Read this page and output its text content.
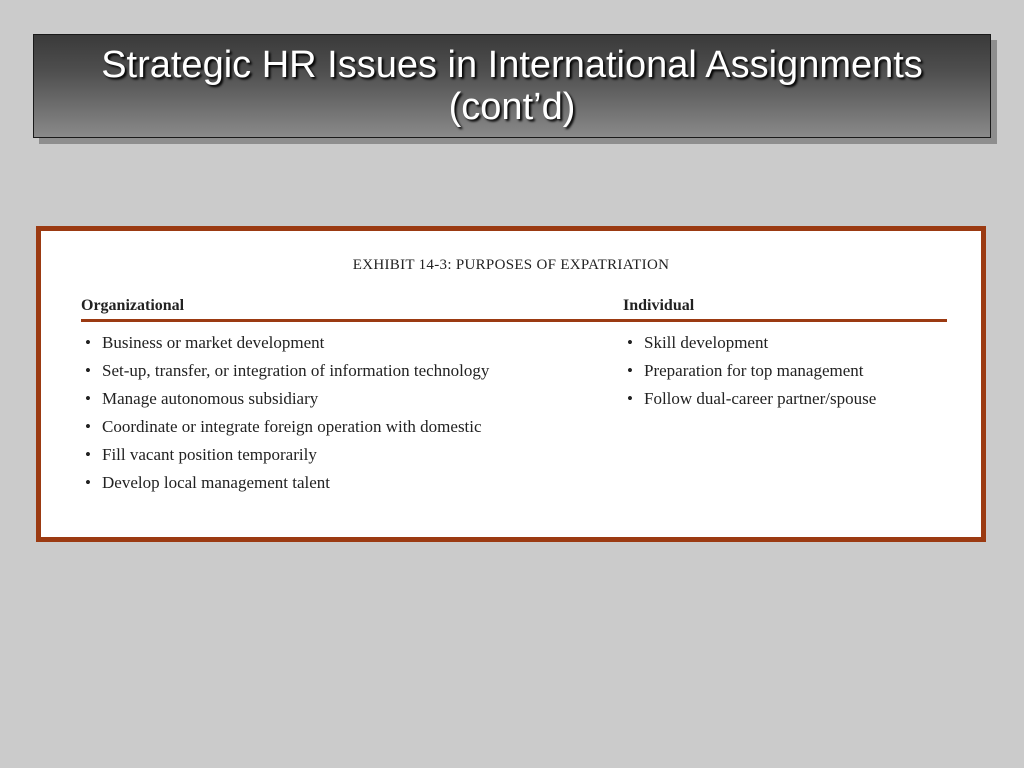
Strategic HR Issues in International Assignments (cont’d)
EXHIBIT 14-3: PURPOSES OF EXPATRIATION
Organizational	Individual
• Business or market development
• Set-up, transfer, or integration of information technology
• Manage autonomous subsidiary
• Coordinate or integrate foreign operation with domestic
• Fill vacant position temporarily
• Develop local management talent
• Skill development
• Preparation for top management
• Follow dual-career partner/spouse
